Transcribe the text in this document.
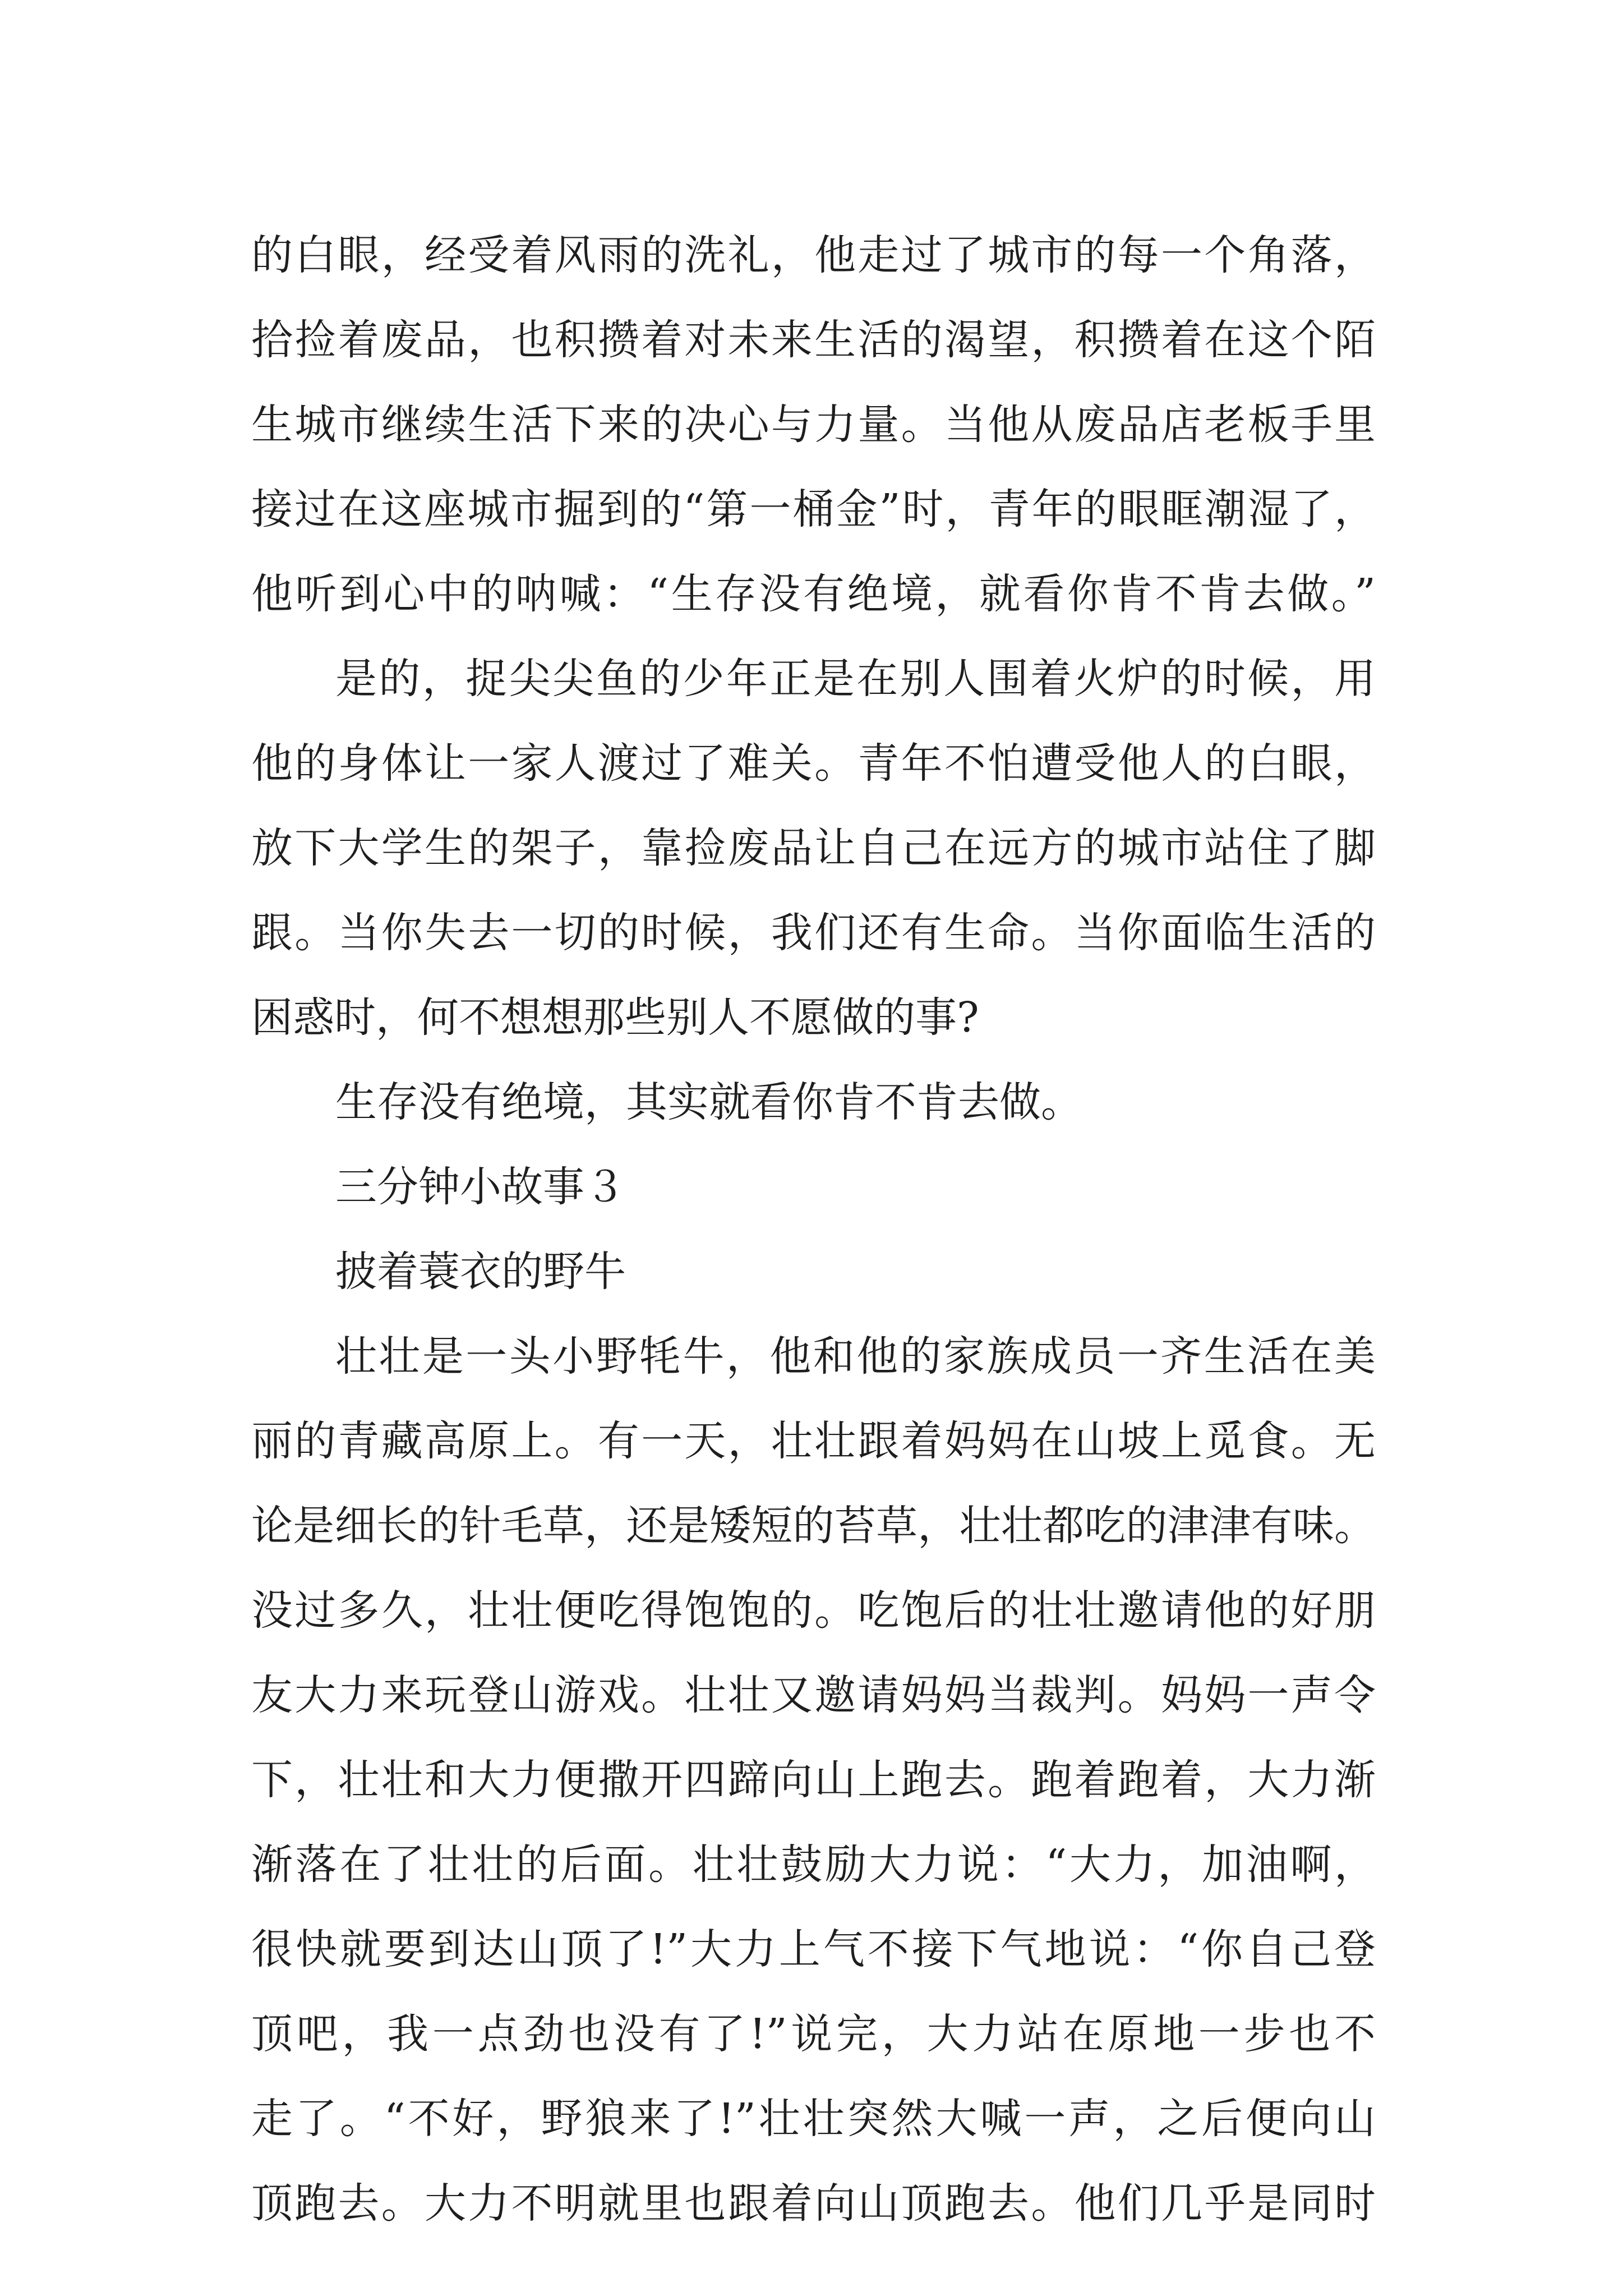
的白眼，经受着风雨的洗礼，他走过了城市的每一个角落，
拾捡着废品，也积攒着对未来生活的渴望，积攒着在这个陌
生城市继续生活下来的决心与力量。当他从废品店老板手里
接过在这座城市掘到的“第一桶金”时，青年的眼眶潮湿了，
他听到心中的呐喊：“生存没有绝境，就看你肯不肯去做。”
是的，捉尖尖鱼的少年正是在别人围着火炉的时候，用
他的身体让一家人渡过了难关。青年不怕遭受他人的白眼，
放下大学生的架子，靠捡废品让自己在远方的城市站住了脚
跟。当你失去一切的时候，我们还有生命。当你面临生活的
困惑时，何不想想那些别人不愿做的事?
生存没有绝境，其实就看你肯不肯去做。
三分钟小故事３
披着蓑衣的野牛
壮壮是一头小野牦牛，他和他的家族成员一齐生活在美
丽的青藏高原上。有一天，壮壮跟着妈妈在山坡上觅食。无
论是细长的针毛草，还是矮短的苔草，壮壮都吃的津津有味。
没过多久，壮壮便吃得饱饱的。吃饱后的壮壮邀请他的好朋
友大力来玩登山游戏。壮壮又邀请妈妈当裁判。妈妈一声令
下，壮壮和大力便撒开四蹄向山上跑去。跑着跑着，大力渐
渐落在了壮壮的后面。壮壮鼓励大力说：“大力，加油啊，
很快就要到达山顶了!”大力上气不接下气地说：“你自己登
顶吧，我一点劲也没有了!”说完，大力站在原地一步也不
走了。“不好，野狼来了!”壮壮突然大喊一声，之后便向山
顶跑去。大力不明就里也跟着向山顶跑去。他们几乎是同时
